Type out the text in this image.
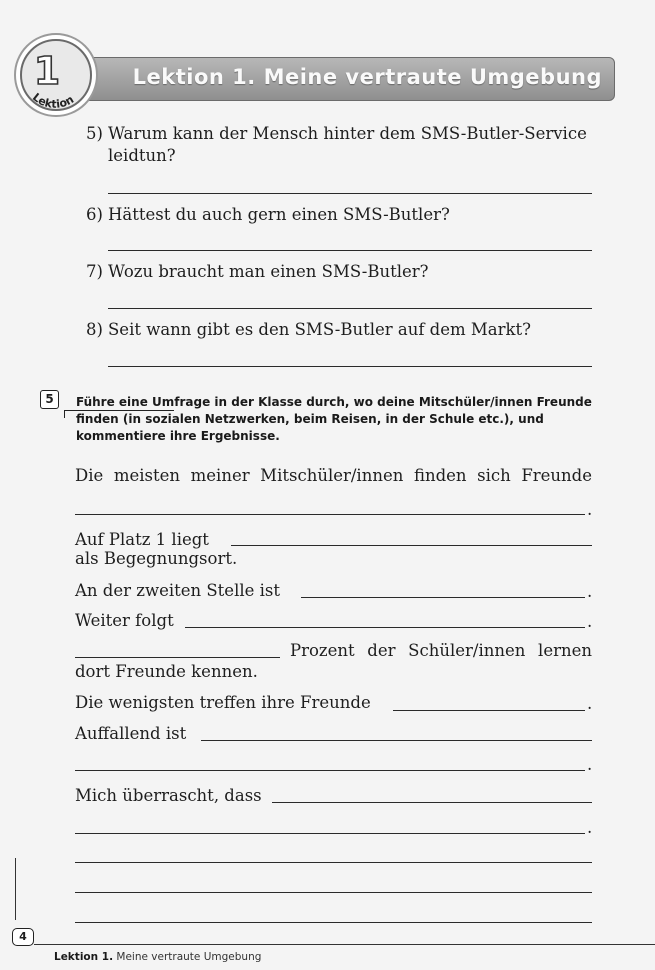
Lektion 1. Meine vertraute Umgebung
1
Lektion
5) Warum kann der Mensch hinter dem SMS-Butler-Service leidtun?
6) Hättest du auch gern einen SMS-Butler?
7) Wozu braucht man einen SMS-Butler?
8) Seit wann gibt es den SMS-Butler auf dem Markt?
5	Führe eine Umfrage in der Klasse durch, wo deine Mitschüler/innen Freunde finden (in sozialen Netzwerken, beim Reisen, in der Schule etc.), und kommentiere ihre Ergebnisse.
Die meisten meiner Mitschüler/innen finden sich Freunde
.
Auf Platz 1 liegt
als Begegnungsort.
An der zweiten Stelle ist	.
Weiter folgt	.
Prozent der Schüler/innen lernen
dort Freunde kennen.
Die wenigsten treffen ihre Freunde	.
Auffallend ist
.
Mich überrascht, dass
.
4
Lektion 1. Meine vertraute Umgebung
